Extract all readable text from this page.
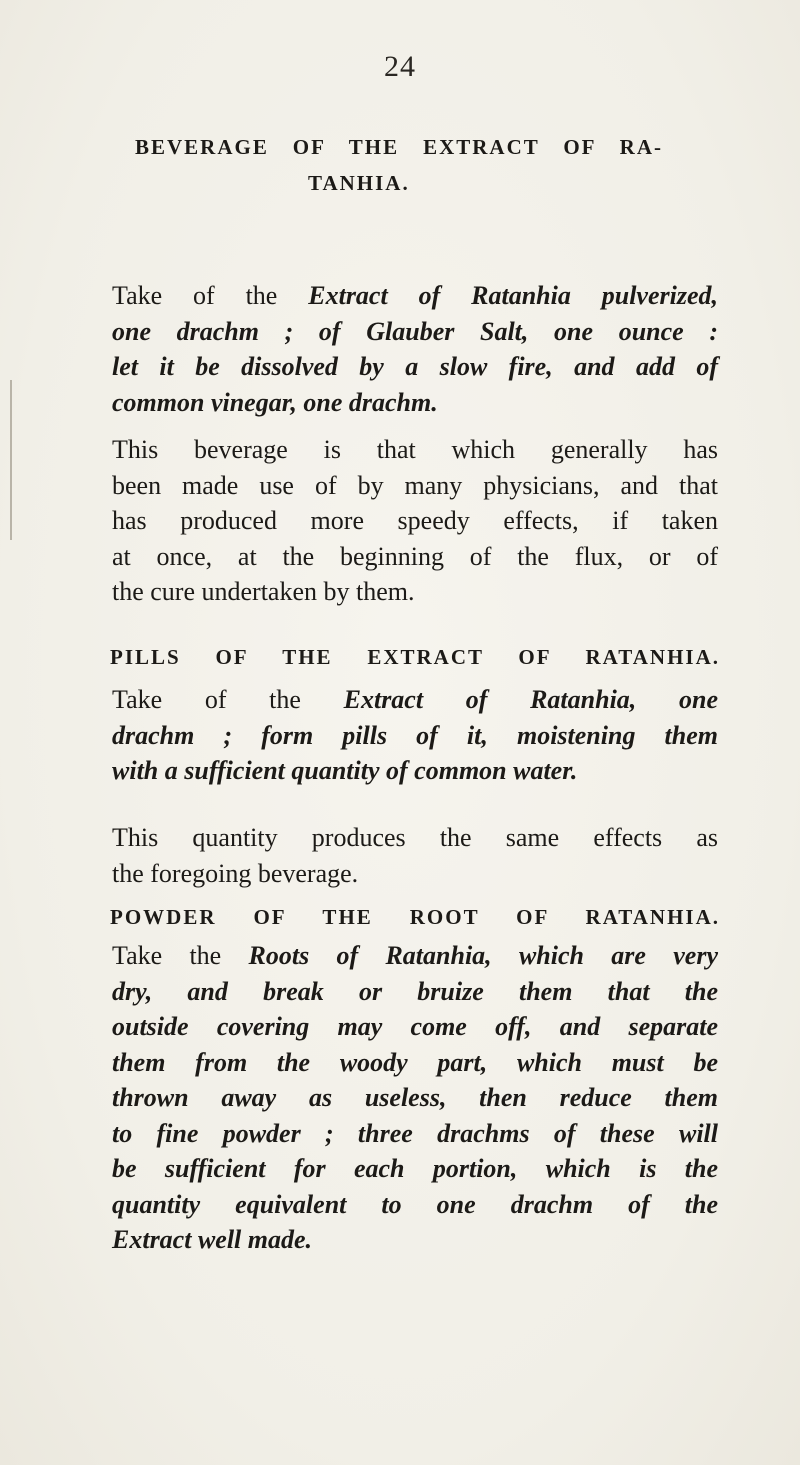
24
BEVERAGE OF THE EXTRACT OF RA-
TANHIA.
Take of the Extract of Ratanhia pulverized,
one drachm ; of Glauber Salt, one ounce :
let it be dissolved by a slow fire, and add of
common vinegar, one drachm.
This beverage is that which generally has
been made use of by many physicians, and that
has produced more speedy effects, if taken
at once, at the beginning of the flux, or of
the cure undertaken by them.
PILLS OF THE EXTRACT OF RATANHIA.
Take of the Extract of Ratanhia, one
drachm ; form pills of it, moistening them
with a sufficient quantity of common water.
This quantity produces the same effects as
the foregoing beverage.
POWDER OF THE ROOT OF RATANHIA.
Take the Roots of Ratanhia, which are very
dry, and break or bruize them that the
outside covering may come off, and separate
them from the woody part, which must be
thrown away as useless, then reduce them
to fine powder ; three drachms of these will
be sufficient for each portion, which is the
quantity equivalent to one drachm of the
Extract well made.
